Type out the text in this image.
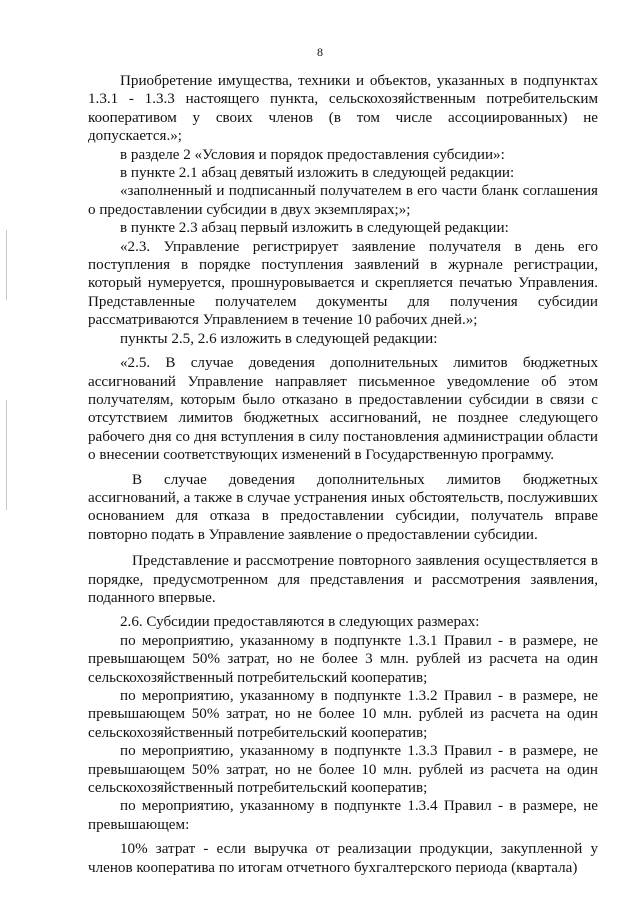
8

Приобретение имущества, техники и объектов, указанных в подпунктах 1.3.1 - 1.3.3 настоящего пункта, сельскохозяйственным потребительским кооперативом у своих членов (в том числе ассоциированных) не допускается.»;

в разделе 2 «Условия и порядок предоставления субсидии»:

в пункте 2.1 абзац девятый изложить в следующей редакции:

«заполненный и подписанный получателем в его части бланк соглашения о предоставлении субсидии в двух экземплярах;»;

в пункте 2.3 абзац первый изложить в следующей редакции:

«2.3. Управление регистрирует заявление получателя в день его поступления в порядке поступления заявлений в журнале регистрации, который нумеруется, прошнуровывается и скрепляется печатью Управления. Представленные получателем документы для получения субсидии рассматриваются Управлением в течение 10 рабочих дней.»;

пункты 2.5, 2.6 изложить в следующей редакции:

«2.5. В случае доведения дополнительных лимитов бюджетных ассигнований Управление направляет письменное уведомление об этом получателям, которым было отказано в предоставлении субсидии в связи с отсутствием лимитов бюджетных ассигнований, не позднее следующего рабочего дня со дня вступления в силу постановления администрации области о внесении соответствующих изменений в Государственную программу.

В случае доведения дополнительных лимитов бюджетных ассигнований, а также в случае устранения иных обстоятельств, послуживших основанием для отказа в предоставлении субсидии, получатель вправе повторно подать в Управление заявление о предоставлении субсидии.

Представление и рассмотрение повторного заявления осуществляется в порядке, предусмотренном для представления и рассмотрения заявления, поданного впервые.

2.6. Субсидии предоставляются в следующих размерах:

по мероприятию, указанному в подпункте 1.3.1 Правил - в размере, не превышающем 50% затрат, но не более 3 млн. рублей из расчета на один сельскохозяйственный потребительский кооператив;

по мероприятию, указанному в подпункте 1.3.2 Правил - в размере, не превышающем 50% затрат, но не более 10 млн. рублей из расчета на один сельскохозяйственный потребительский кооператив;

по мероприятию, указанному в подпункте 1.3.3 Правил - в размере, не превышающем 50% затрат, но не более 10 млн. рублей из расчета на один сельскохозяйственный потребительский кооператив;

по мероприятию, указанному в подпункте 1.3.4 Правил - в размере, не превышающем:

10% затрат - если выручка от реализации продукции, закупленной у членов кооператива по итогам отчетного бухгалтерского периода (квартала)
